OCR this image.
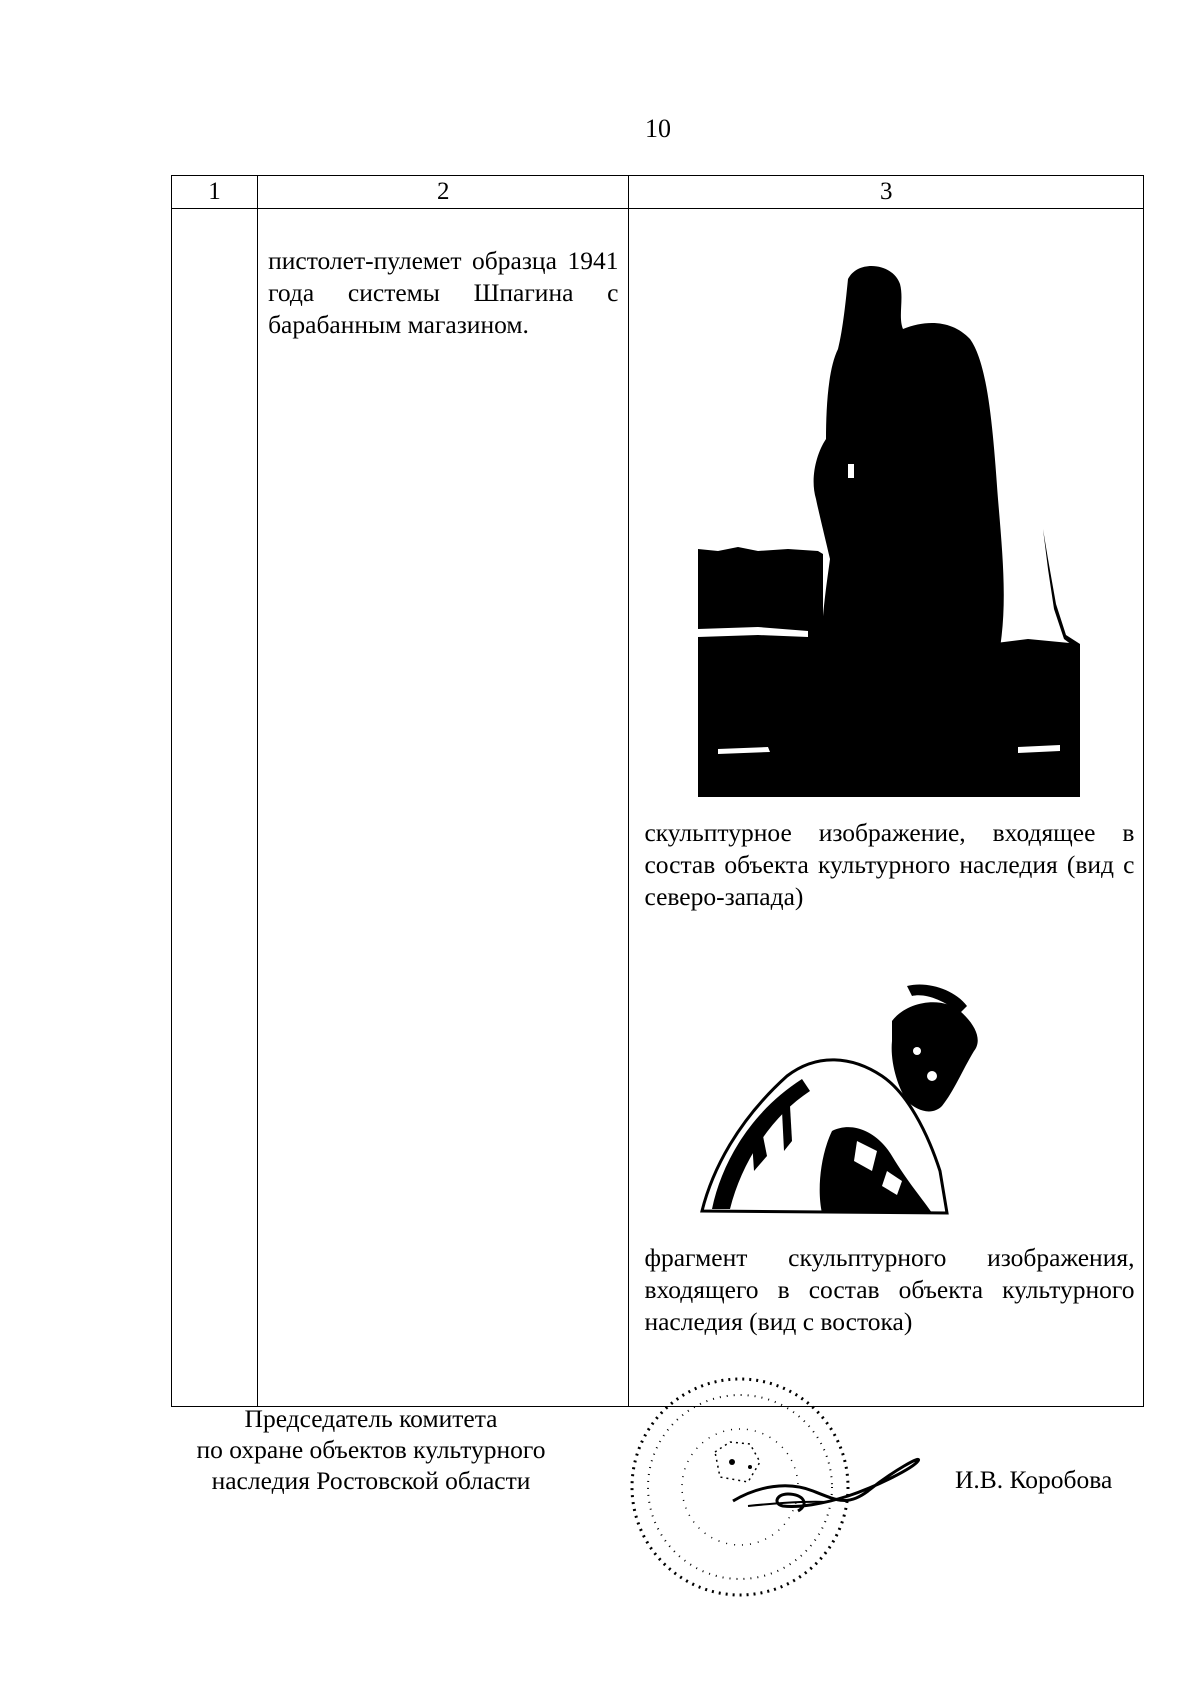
10
1	2	3

	пистолет-пулемет образца 1941 года системы Шпагина с барабанным магазином.	скульптурное изображение, входящее в состав объекта культурного наследия (вид с северо-запада)
фрагмент скульптурного изображения, входящего в состав объекта культурного наследия (вид с востока)
Председатель комитета
по охране объектов культурного
наследия Ростовской области	И.В. Коробова
